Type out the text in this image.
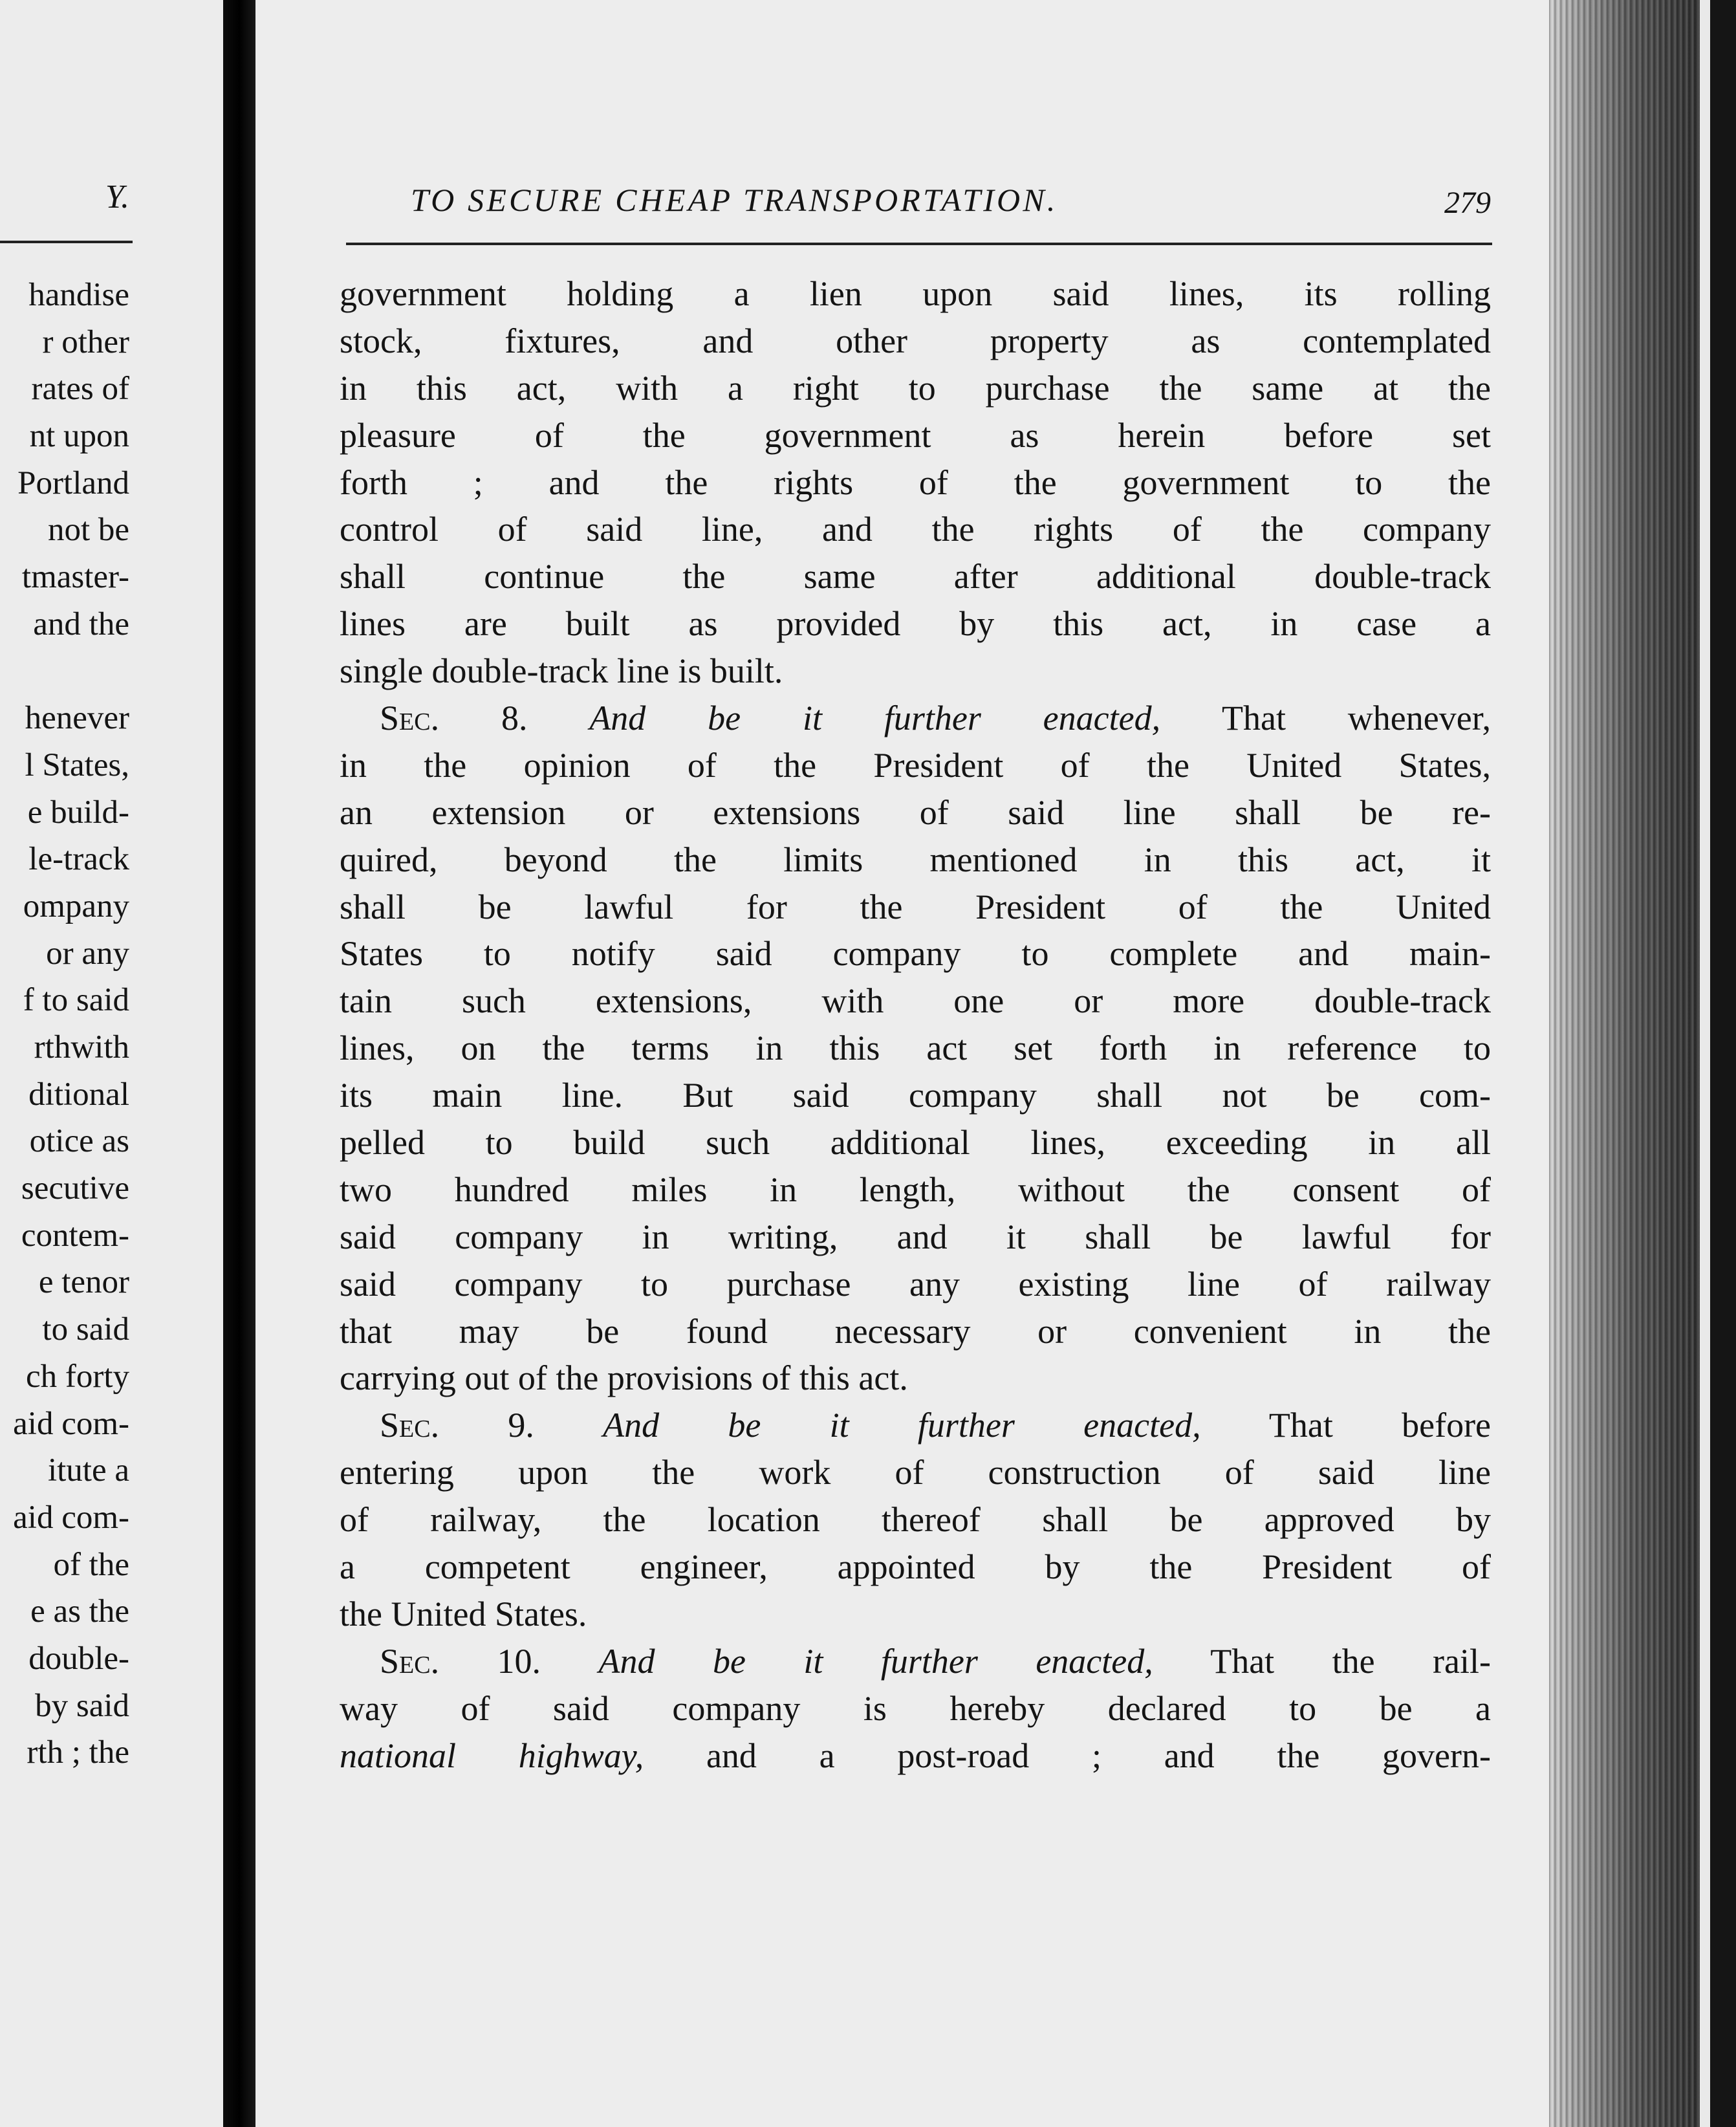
Y.
handise
r other
rates of
nt upon
Portland
not be
tmaster-
and the
henever
l States,
e build-
le-track
ompany
or any
f to said
rthwith
ditional
otice as
secutive
contem-
e tenor
to said
ch forty
aid com-
itute a
aid com-
of the
e as the
double-
by said
rth ; the
TO SECURE CHEAP TRANSPORTATION.	279
government holding a lien upon said lines, its rolling
stock, fixtures, and other property as contemplated
in this act, with a right to purchase the same at the
pleasure of the government as herein before set
forth ; and the rights of the government to the
control of said line, and the rights of the company
shall continue the same after additional double-track
lines are built as provided by this act, in case a
single double-track line is built.
Sec. 8. And be it further enacted, That whenever,
in the opinion of the President of the United States,
an extension or extensions of said line shall be re-
quired, beyond the limits mentioned in this act, it
shall be lawful for the President of the United
States to notify said company to complete and main-
tain such extensions, with one or more double-track
lines, on the terms in this act set forth in reference to
its main line. But said company shall not be com-
pelled to build such additional lines, exceeding in all
two hundred miles in length, without the consent of
said company in writing, and it shall be lawful for
said company to purchase any existing line of railway
that may be found necessary or convenient in the
carrying out of the provisions of this act.
Sec. 9. And be it further enacted, That before
entering upon the work of construction of said line
of railway, the location thereof shall be approved by
a competent engineer, appointed by the President of
the United States.
Sec. 10. And be it further enacted, That the rail-
way of said company is hereby declared to be a
national highway, and a post-road ; and the govern-
